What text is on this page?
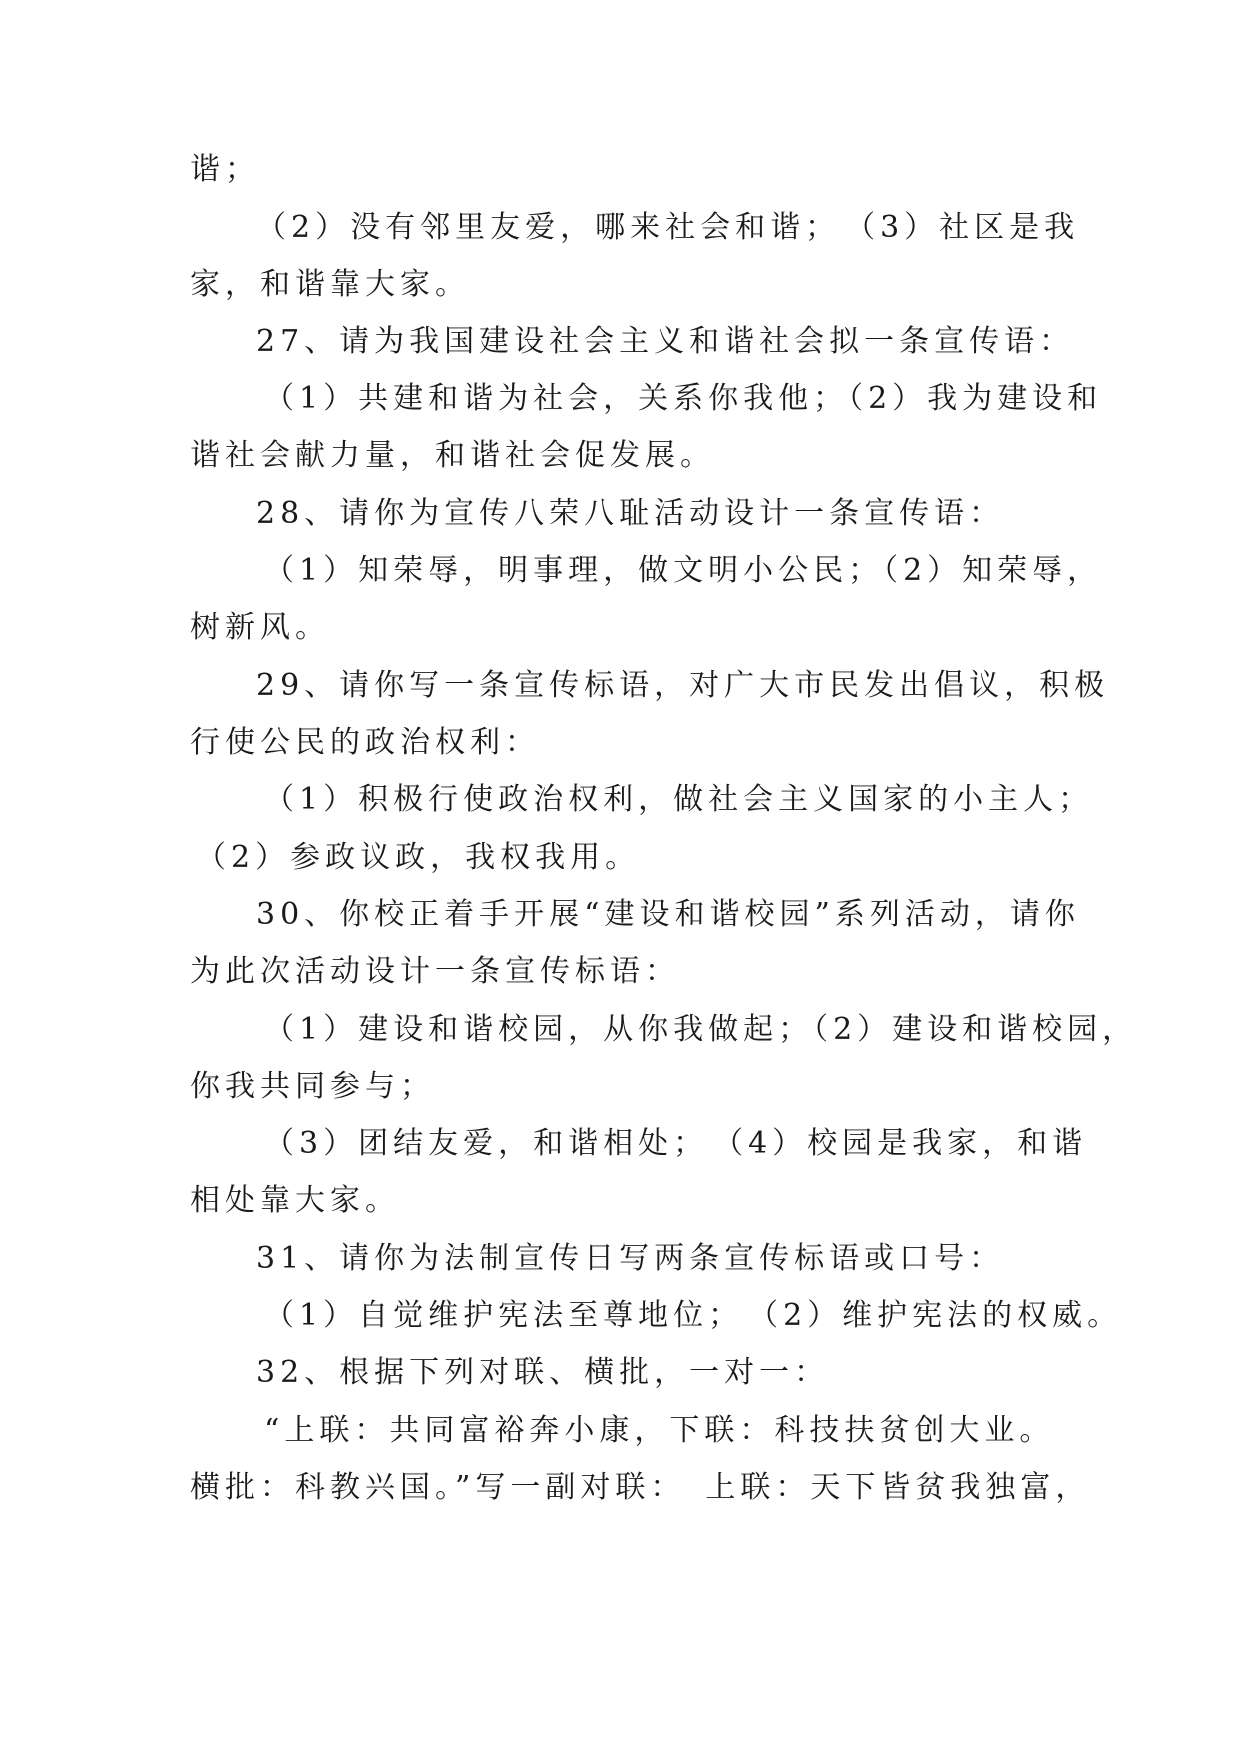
谐；
（2）没有邻里友爱，哪来社会和谐；　（3）社区是我
家，和谐靠大家。
27、请为我国建设社会主义和谐社会拟一条宣传语：
（1）共建和谐为社会，关系你我他；（2）我为建设和
谐社会献力量，和谐社会促发展。
28、请你为宣传八荣八耻活动设计一条宣传语：
（1）知荣辱，明事理，做文明小公民；（2）知荣辱，
树新风。
29、请你写一条宣传标语，对广大市民发出倡议，积极
行使公民的政治权利：
（1）积极行使政治权利，做社会主义国家的小主人；
（2）参政议政，我权我用。
30、你校正着手开展“建设和谐校园”系列活动，请你
为此次活动设计一条宣传标语：
（1）建设和谐校园，从你我做起；（2）建设和谐校园，
你我共同参与；
（3）团结友爱，和谐相处；　（4）校园是我家，和谐
相处靠大家。
31、请你为法制宣传日写两条宣传标语或口号：
（1）自觉维护宪法至尊地位；　（2）维护宪法的权威。
32、根据下列对联、横批，一对一：
“上联：共同富裕奔小康，下联：科技扶贫创大业。
横批：科教兴国。”写一副对联：　上联：天下皆贫我独富，
